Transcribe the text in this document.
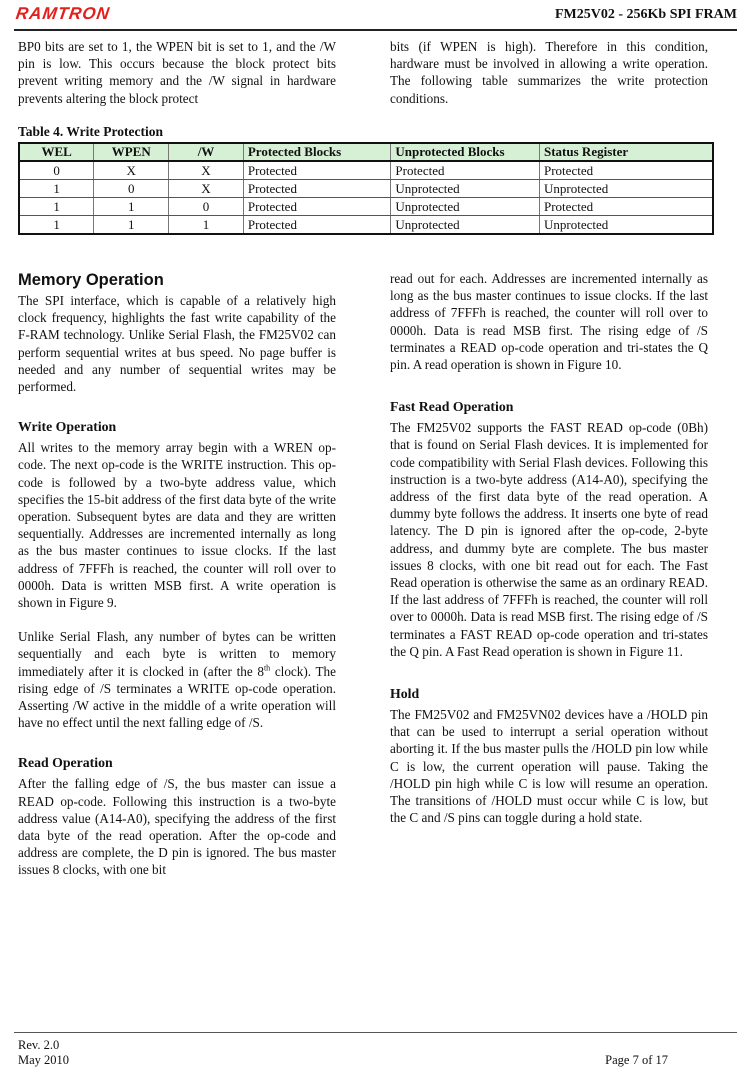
RAMTRON	FM25V02 - 256Kb SPI FRAM

BP0 bits are set to 1, the WPEN bit is set to 1, and the /W pin is low. This occurs because the block protect bits prevent writing memory and the /W signal in hardware prevents altering the block protect

bits (if WPEN is high). Therefore in this condition, hardware must be involved in allowing a write operation. The following table summarizes the write protection conditions.

Table 4. Write Protection
WEL	WPEN	/W	Protected Blocks	Unprotected Blocks	Status Register
0	X	X	Protected	Protected	Protected
1	0	X	Protected	Unprotected	Unprotected
1	1	0	Protected	Unprotected	Protected
1	1	1	Protected	Unprotected	Unprotected
Memory Operation

The SPI interface, which is capable of a relatively high clock frequency, highlights the fast write capability of the F-RAM technology. Unlike Serial Flash, the FM25V02 can perform sequential writes at bus speed. No page buffer is needed and any number of sequential writes may be performed.

Write Operation

All writes to the memory array begin with a WREN op-code. The next op-code is the WRITE instruction. This op-code is followed by a two-byte address value, which specifies the 15-bit address of the first data byte of the write operation. Subsequent bytes are data and they are written sequentially. Addresses are incremented internally as long as the bus master continues to issue clocks. If the last address of 7FFFh is reached, the counter will roll over to 0000h. Data is written MSB first. A write operation is shown in Figure 9.

Unlike Serial Flash, any number of bytes can be written sequentially and each byte is written to memory immediately after it is clocked in (after the 8th clock). The rising edge of /S terminates a WRITE op-code operation. Asserting /W active in the middle of a write operation will have no effect until the next falling edge of /S.

Read Operation

After the falling edge of /S, the bus master can issue a READ op-code. Following this instruction is a two-byte address value (A14-A0), specifying the address of the first data byte of the read operation. After the op-code and address are complete, the D pin is ignored. The bus master issues 8 clocks, with one bit

read out for each. Addresses are incremented internally as long as the bus master continues to issue clocks. If the last address of 7FFFh is reached, the counter will roll over to 0000h. Data is read MSB first. The rising edge of /S terminates a READ op-code operation and tri-states the Q pin. A read operation is shown in Figure 10.

Fast Read Operation

The FM25V02 supports the FAST READ op-code (0Bh) that is found on Serial Flash devices. It is implemented for code compatibility with Serial Flash devices. Following this instruction is a two-byte address (A14-A0), specifying the address of the first data byte of the read operation. A dummy byte follows the address. It inserts one byte of read latency. The D pin is ignored after the op-code, 2-byte address, and dummy byte are complete. The bus master issues 8 clocks, with one bit read out for each. The Fast Read operation is otherwise the same as an ordinary READ. If the last address of 7FFFh is reached, the counter will roll over to 0000h. Data is read MSB first. The rising edge of /S terminates a FAST READ op-code operation and tri-states the Q pin. A Fast Read operation is shown in Figure 11.

Hold

The FM25V02 and FM25VN02 devices have a /HOLD pin that can be used to interrupt a serial operation without aborting it. If the bus master pulls the /HOLD pin low while C is low, the current operation will pause. Taking the /HOLD pin high while C is low will resume an operation. The transitions of /HOLD must occur while C is low, but the C and /S pins can toggle during a hold state.

Rev. 2.0
May 2010	Page 7 of 17
